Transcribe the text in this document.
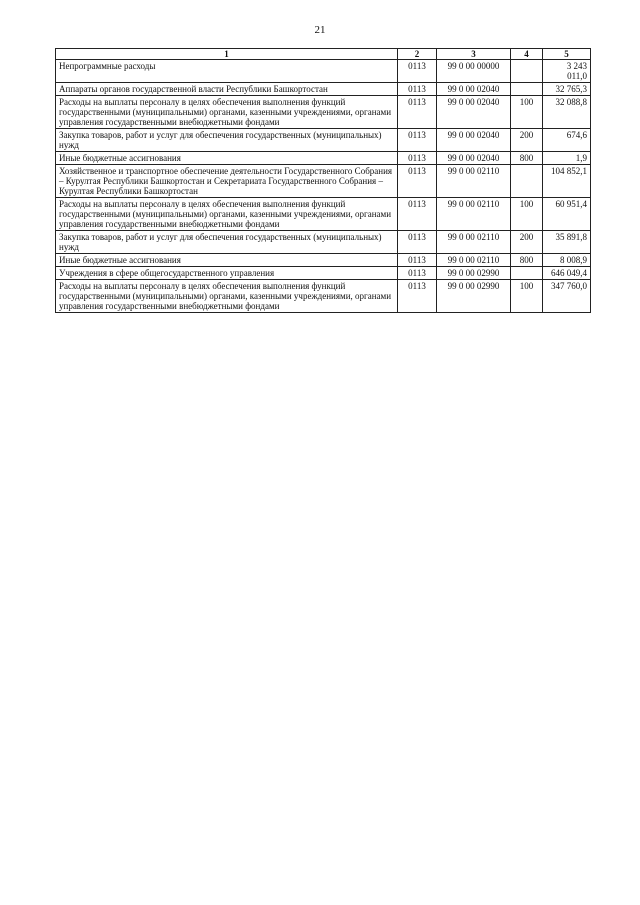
21
1	2	3	4	5
Непрограммные расходы	0113	99 0 00 00000		3 243 011,0
Аппараты органов государственной власти Республики Башкортостан	0113	99 0 00 02040		32 765,3
Расходы на выплаты персоналу в целях обеспечения выполнения функций государственными (муниципальными) органами, казенными учреждениями, органами управления государственными внебюджетными фондами	0113	99 0 00 02040	100	32 088,8
Закупка товаров, работ и услуг для обеспечения государственных (муниципальных) нужд	0113	99 0 00 02040	200	674,6
Иные бюджетные ассигнования	0113	99 0 00 02040	800	1,9
Хозяйственное и транспортное обеспечение деятельности Государственного Собрания – Курултая Республики Башкортостан и Секретариата Государственного Собрания – Курултая Республики Башкортостан	0113	99 0 00 02110		104 852,1
Расходы на выплаты персоналу в целях обеспечения выполнения функций государственными (муниципальными) органами, казенными учреждениями, органами управления государственными внебюджетными фондами	0113	99 0 00 02110	100	60 951,4
Закупка товаров, работ и услуг для обеспечения государственных (муниципальных) нужд	0113	99 0 00 02110	200	35 891,8
Иные бюджетные ассигнования	0113	99 0 00 02110	800	8 008,9
Учреждения в сфере общегосударственного управления	0113	99 0 00 02990		646 049,4
Расходы на выплаты персоналу в целях обеспечения выполнения функций государственными (муниципальными) органами, казенными учреждениями, органами управления государственными внебюджетными фондами	0113	99 0 00 02990	100	347 760,0
